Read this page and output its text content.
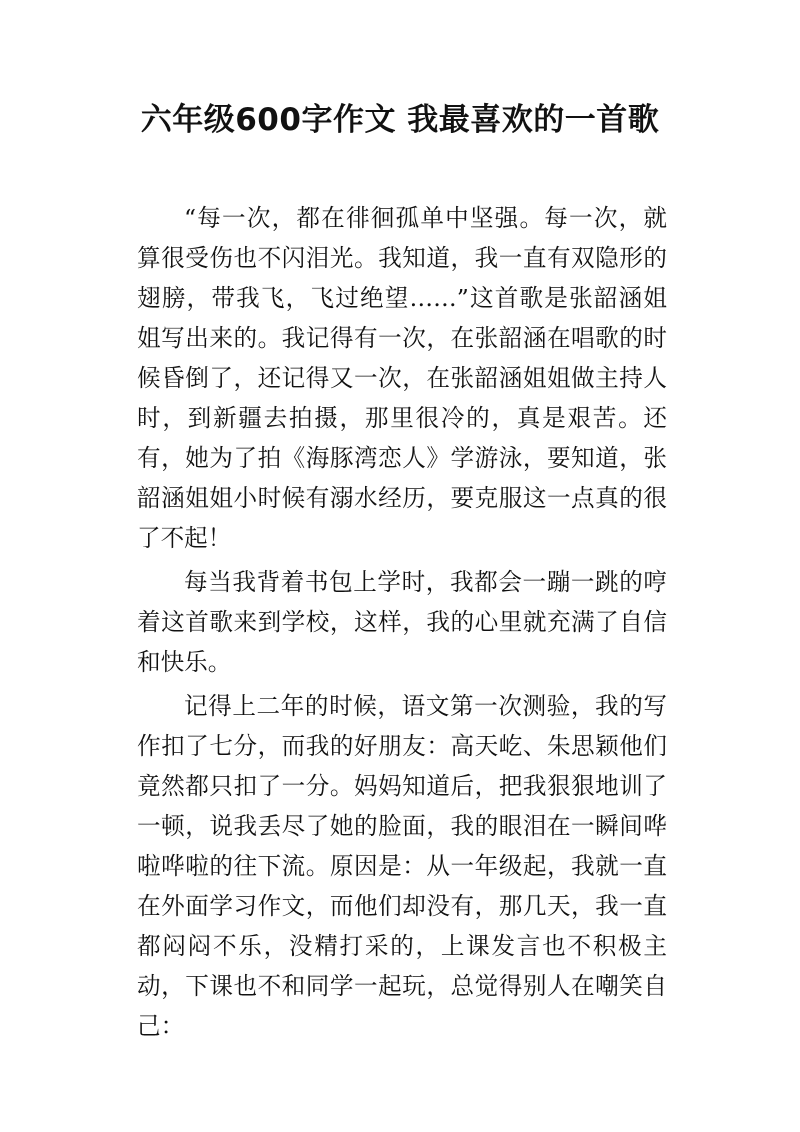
六年级600字作文 我最喜欢的一首歌

“每一次，都在徘徊孤单中坚强。每一次，就算很受伤也不闪泪光。我知道，我一直有双隐形的翅膀，带我飞，飞过绝望……”这首歌是张韶涵姐姐写出来的。我记得有一次，在张韶涵在唱歌的时候昏倒了，还记得又一次，在张韶涵姐姐做主持人时，到新疆去拍摄，那里很冷的，真是艰苦。还有，她为了拍《海豚湾恋人》学游泳，要知道，张韶涵姐姐小时候有溺水经历，要克服这一点真的很了不起！

每当我背着书包上学时，我都会一蹦一跳的哼着这首歌来到学校，这样，我的心里就充满了自信和快乐。

记得上二年的时候，语文第一次测验，我的写作扣了七分，而我的好朋友：高天屹、朱思颖他们竟然都只扣了一分。妈妈知道后，把我狠狠地训了一顿，说我丢尽了她的脸面，我的眼泪在一瞬间哗啦哗啦的往下流。原因是：从一年级起，我就一直在外面学习作文，而他们却没有，那几天，我一直都闷闷不乐，没精打采的，上课发言也不积极主动，下课也不和同学一起玩，总觉得别人在嘲笑自己：
